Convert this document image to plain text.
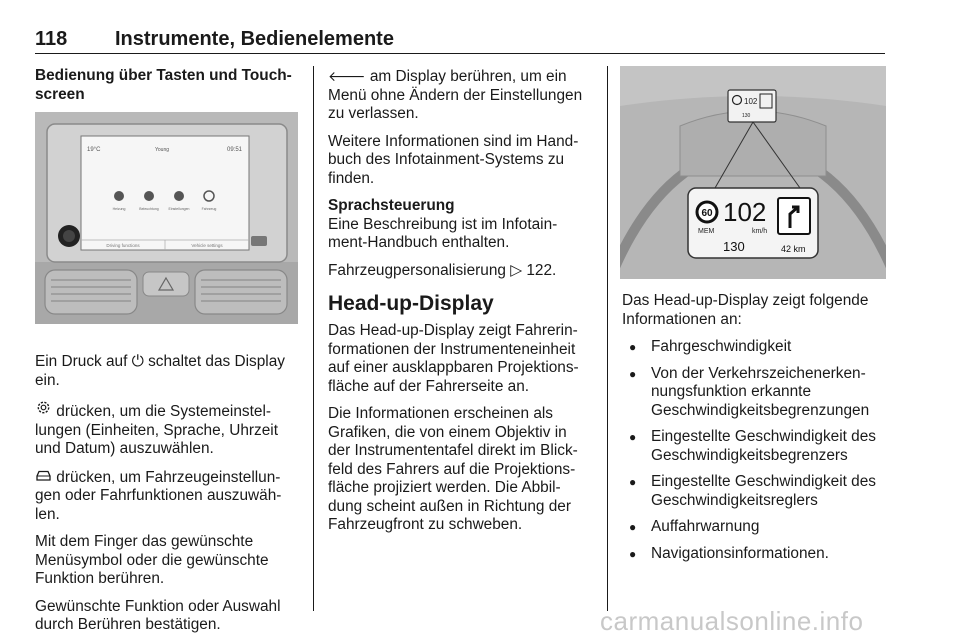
118 Instrumente, Bedienelemente

Bedienung über Tasten und Touch-screen

Ein Druck auf ⏻ schaltet das Display ein.

drücken, um die Systemeinstel-lungen (Einheiten, Sprache, Uhrzeit und Datum) auszuwählen.

drücken, um Fahrzeugeinstellun-gen oder Fahrfunktionen auszuwäh-len.

Mit dem Finger das gewünschte Menüsymbol oder die gewünschte Funktion berühren.

Gewünschte Funktion oder Auswahl durch Berühren bestätigen.

19°C	Young	09:51
Heizung	Beleuchtung	Einstellungen	Fahrzeug
Driving functions	Vehicle settings

🡐 am Display berühren, um ein Menü ohne Ändern der Einstellungen zu verlassen.

Weitere Informationen sind im Hand-buch des Infotainment-Systems zu finden.

Sprachsteuerung
Eine Beschreibung ist im Infotain-ment-Handbuch enthalten.

Fahrzeugpersonalisierung ▷ 122.

Head-up-Display

Das Head-up-Display zeigt Fahrerin-formationen der Instrumenteneinheit auf einer ausklappbaren Projektions-fläche auf der Fahrerseite an.

Die Informationen erscheinen als Grafiken, die von einem Objektiv in der Instrumententafel direkt im Blick-feld des Fahrers auf die Projektions-fläche projiziert werden. Die Abbil-dung scheint außen in Richtung der Fahrzeugfront zu schweben.

102
130
60
MEM
102
km/h
130	42 km

Das Head-up-Display zeigt folgende Informationen an:

● Fahrgeschwindigkeit
● Von der Verkehrszeichenerken-nungsfunktion erkannte Geschwindigkeitsbegrenzungen
● Eingestellte Geschwindigkeit des Geschwindigkeitsbegrenzers
● Eingestellte Geschwindigkeit des Geschwindigkeitsreglers
● Auffahrwarnung
● Navigationsinformationen.
carmanualsonline.info
